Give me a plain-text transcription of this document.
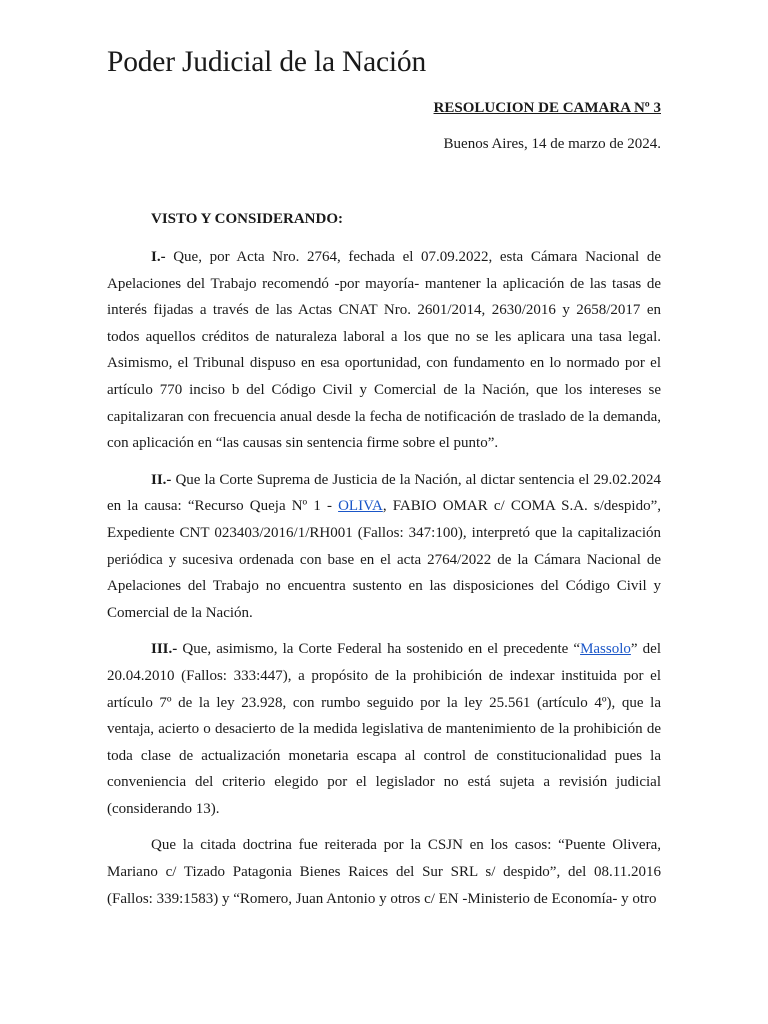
Poder Judicial de la Nación
RESOLUCION DE CAMARA Nº 3
Buenos Aires, 14 de marzo de 2024.
VISTO Y CONSIDERANDO:

I.- Que, por Acta Nro. 2764, fechada el 07.09.2022, esta Cámara Nacional de Apelaciones del Trabajo recomendó -por mayoría- mantener la aplicación de las tasas de interés fijadas a través de las Actas CNAT Nro. 2601/2014, 2630/2016 y 2658/2017 en todos aquellos créditos de naturaleza laboral a los que no se les aplicara una tasa legal. Asimismo, el Tribunal dispuso en esa oportunidad, con fundamento en lo normado por el artículo 770 inciso b del Código Civil y Comercial de la Nación, que los intereses se capitalizaran con frecuencia anual desde la fecha de notificación de traslado de la demanda, con aplicación en “las causas sin sentencia firme sobre el punto”.

II.- Que la Corte Suprema de Justicia de la Nación, al dictar sentencia el 29.02.2024 en la causa: “Recurso Queja Nº 1 - OLIVA, FABIO OMAR c/ COMA S.A. s/despido”, Expediente CNT 023403/2016/1/RH001 (Fallos: 347:100), interpretó que la capitalización periódica y sucesiva ordenada con base en el acta 2764/2022 de la Cámara Nacional de Apelaciones del Trabajo no encuentra sustento en las disposiciones del Código Civil y Comercial de la Nación.

III.- Que, asimismo, la Corte Federal ha sostenido en el precedente “Massolo” del 20.04.2010 (Fallos: 333:447), a propósito de la prohibición de indexar instituida por el artículo 7º de la ley 23.928, con rumbo seguido por la ley 25.561 (artículo 4º), que la ventaja, acierto o desacierto de la medida legislativa de mantenimiento de la prohibición de toda clase de actualización monetaria escapa al control de constitucionalidad pues la conveniencia del criterio elegido por el legislador no está sujeta a revisión judicial (considerando 13).

Que la citada doctrina fue reiterada por la CSJN en los casos: “Puente Olivera, Mariano c/ Tizado Patagonia Bienes Raices del Sur SRL s/ despido”, del 08.11.2016 (Fallos: 339:1583) y “Romero, Juan Antonio y otros c/ EN -Ministerio de Economía- y otro
